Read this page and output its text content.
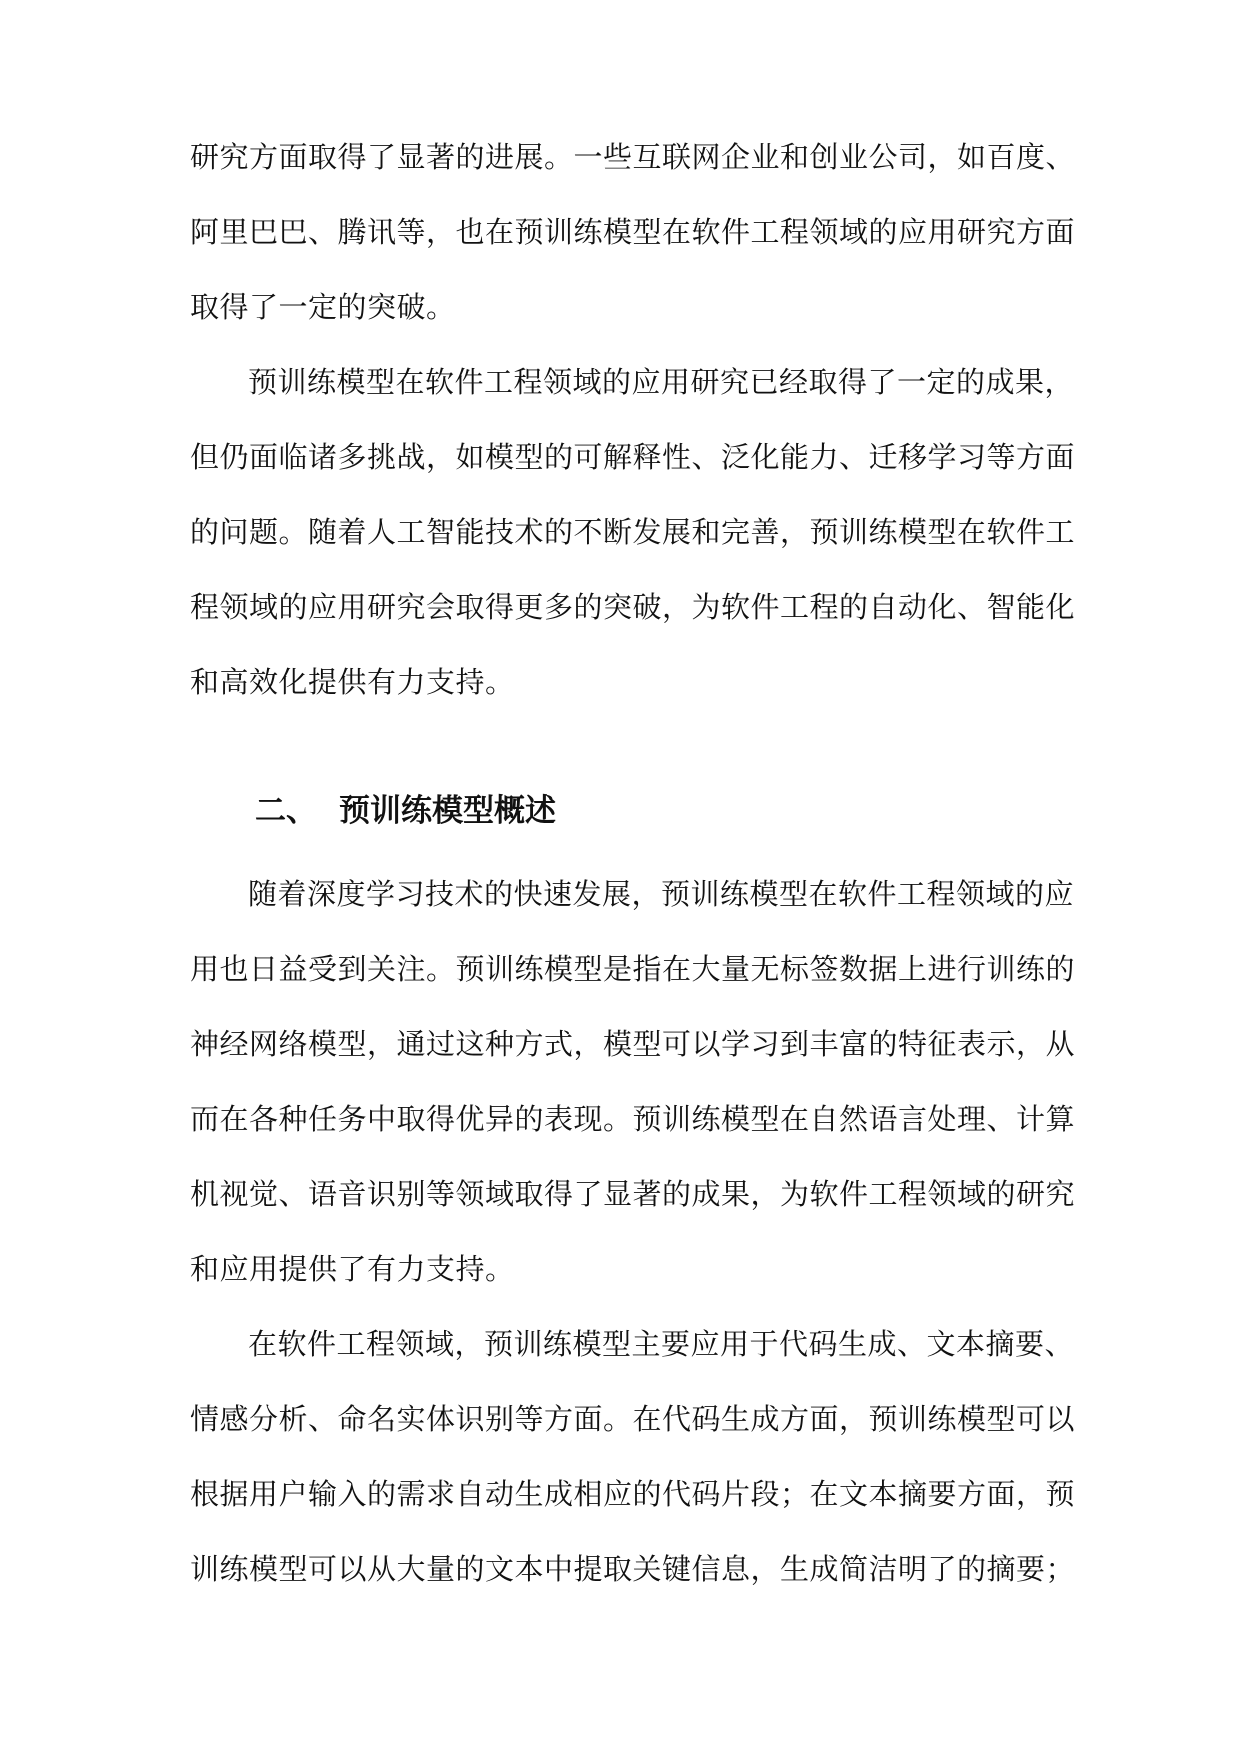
研究方面取得了显著的进展。一些互联网企业和创业公司，如百度、
阿里巴巴、腾讯等，也在预训练模型在软件工程领域的应用研究方面
取得了一定的突破。
预训练模型在软件工程领域的应用研究已经取得了一定的成果，
但仍面临诸多挑战，如模型的可解释性、泛化能力、迁移学习等方面
的问题。随着人工智能技术的不断发展和完善，预训练模型在软件工
程领域的应用研究会取得更多的突破，为软件工程的自动化、智能化
和高效化提供有力支持。
二、 预训练模型概述
随着深度学习技术的快速发展，预训练模型在软件工程领域的应
用也日益受到关注。预训练模型是指在大量无标签数据上进行训练的
神经网络模型，通过这种方式，模型可以学习到丰富的特征表示，从
而在各种任务中取得优异的表现。预训练模型在自然语言处理、计算
机视觉、语音识别等领域取得了显著的成果，为软件工程领域的研究
和应用提供了有力支持。
在软件工程领域，预训练模型主要应用于代码生成、文本摘要、
情感分析、命名实体识别等方面。在代码生成方面，预训练模型可以
根据用户输入的需求自动生成相应的代码片段；在文本摘要方面，预
训练模型可以从大量的文本中提取关键信息，生成简洁明了的摘要；
